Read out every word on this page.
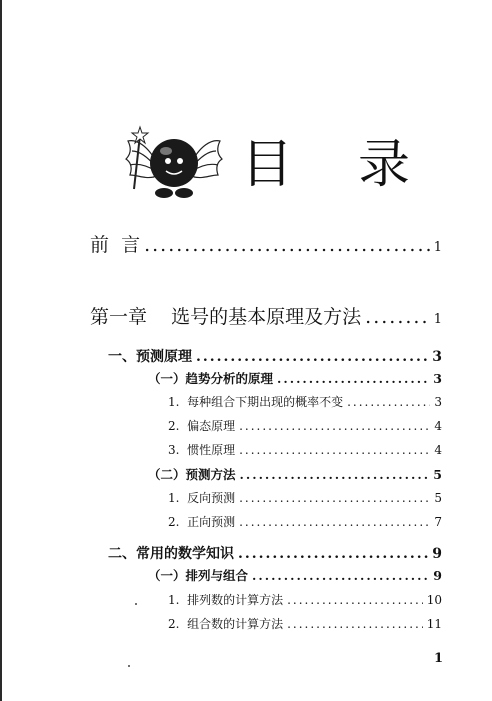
目 录
前  言 .....	1
第一章    选号的基本原理及方法 .....	1
一、预测原理 .....	3
（一）趋势分析的原理 .....	3
1.  每种组合下期出现的概率不变 .....	3
2.  偏态原理 .....	4
3.  惯性原理 .....	4
（二）预测方法 .....	5
1.  反向预测 .....	5
2.  正向预测 .....	7
二、常用的数学知识 .....	9
（一）排列与组合 .....	9
1.  排列数的计算方法 .....	10
2.  组合数的计算方法 .....	11
1
